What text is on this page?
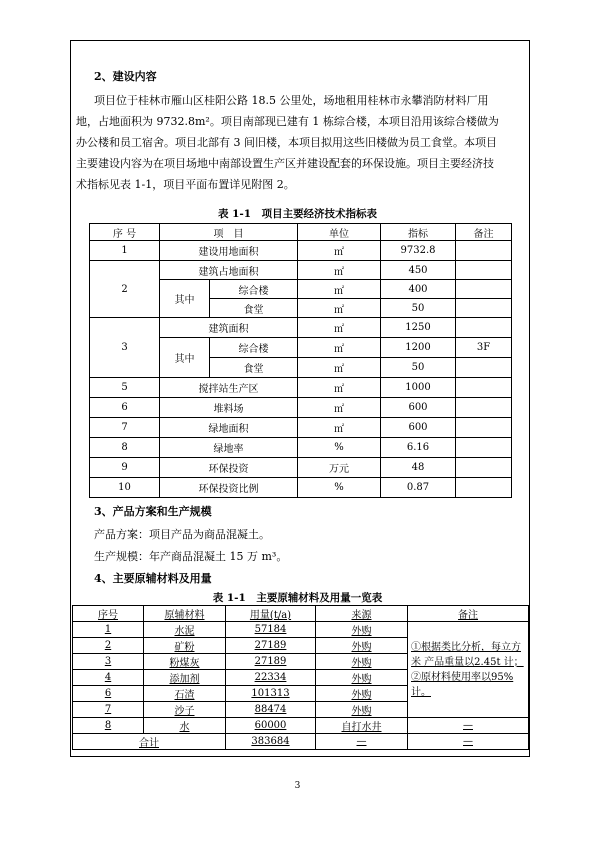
2、建设内容
项目位于桂林市雁山区桂阳公路 18.5 公里处，场地租用桂林市永攀消防材料厂用
地，占地面积为 9732.8m²。项目南部现已建有 1 栋综合楼，本项目沿用该综合楼做为
办公楼和员工宿舍。项目北部有 3 间旧楼，本项目拟用这些旧楼做为员工食堂。本项目
主要建设内容为在项目场地中南部设置生产区并建设配套的环保设施。项目主要经济技
术指标见表 1-1，项目平面布置详见附图 2。
表 1-1　项目主要经济技术指标表
序 号	项　目		单位	指标	备注
1	建设用地面积		㎡	9732.8	
2	建筑占地面积		㎡	450	
	其中	综合楼	㎡	400	
		食堂	㎡	50	
3	建筑面积		㎡	1250	
	其中	综合楼	㎡	1200	3F
		食堂	㎡	50	
5	搅拌站生产区		㎡	1000	
6	堆料场		㎡	600	
7	绿地面积		㎡	600	
8	绿地率		%	6.16	
9	环保投资		万元	48	
10	环保投资比例		%	0.87	
3、产品方案和生产规模
产品方案：项目产品为商品混凝土。
生产规模：年产商品混凝土 15 万 m³。
4、主要原辅材料及用量
表 1-1　主要原辅材料及用量一览表
序号	原辅材料	用量(t/a)	来源	备注
1	水泥	57184	外购	①根据类比分析，每立方米 产品重量以2.45t 计；②原材料使用率以95%计。
2	矿粉	27189	外购	
3	粉煤灰	27189	外购	
4	添加剂	22334	外购	
6	石渣	101313	外购	
7	沙子	88474	外购	
8	水	60000	自打水井	—
合计		383684	—	—
3
